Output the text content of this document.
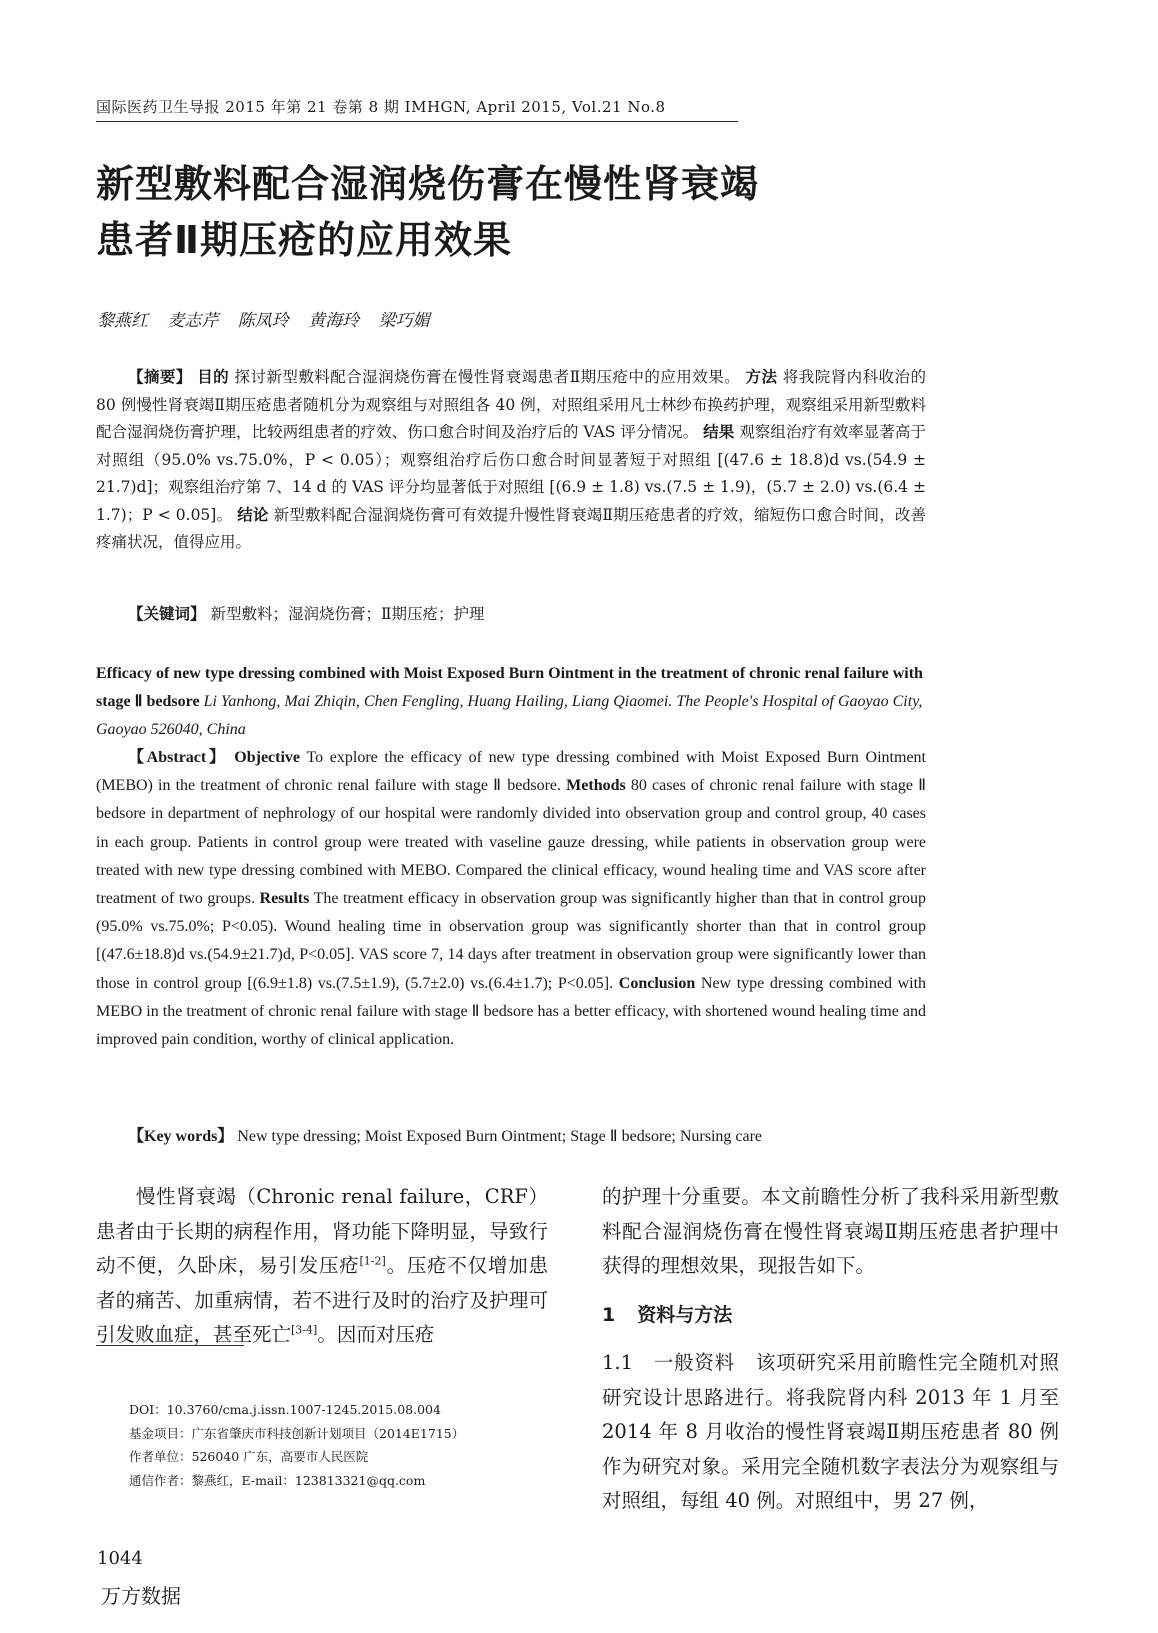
国际医药卫生导报 2015 年第 21 卷第 8 期 IMHGN, April 2015, Vol.21 No.8
新型敷料配合湿润烧伤膏在慢性肾衰竭
患者Ⅱ期压疮的应用效果
黎燕红 麦志芹 陈凤玲 黄海玲 梁巧媚

【摘要】 目的 探讨新型敷料配合湿润烧伤膏在慢性肾衰竭患者Ⅱ期压疮中的应用效果。 方法 将我院肾内科收治的 80 例慢性肾衰竭Ⅱ期压疮患者随机分为观察组与对照组各 40 例，对照组采用凡士林纱布换药护理，观察组采用新型敷料配合湿润烧伤膏护理，比较两组患者的疗效、伤口愈合时间及治疗后的 VAS 评分情况。 结果 观察组治疗有效率显著高于对照组（95.0% vs.75.0%，P < 0.05）；观察组治疗后伤口愈合时间显著短于对照组 [(47.6 ± 18.8)d vs.(54.9 ± 21.7)d]；观察组治疗第 7、14 d 的 VAS 评分均显著低于对照组 [(6.9 ± 1.8) vs.(7.5 ± 1.9)，(5.7 ± 2.0) vs.(6.4 ± 1.7)；P < 0.05]。 结论 新型敷料配合湿润烧伤膏可有效提升慢性肾衰竭Ⅱ期压疮患者的疗效，缩短伤口愈合时间，改善疼痛状况，值得应用。

【关键词】 新型敷料；湿润烧伤膏；Ⅱ期压疮；护理
Efficacy of new type dressing combined with Moist Exposed Burn Ointment in the treatment of chronic renal failure with stage Ⅱ bedsore Li Yanhong, Mai Zhiqin, Chen Fengling, Huang Hailing, Liang Qiaomei. The People's Hospital of Gaoyao City, Gaoyao 526040, China
【Abstract】 Objective To explore the efficacy of new type dressing combined with Moist Exposed Burn Ointment (MEBO) in the treatment of chronic renal failure with stage Ⅱ bedsore. Methods 80 cases of chronic renal failure with stage Ⅱ bedsore in department of nephrology of our hospital were randomly divided into observation group and control group, 40 cases in each group. Patients in control group were treated with vaseline gauze dressing, while patients in observation group were treated with new type dressing combined with MEBO. Compared the clinical efficacy, wound healing time and VAS score after treatment of two groups. Results The treatment efficacy in observation group was significantly higher than that in control group (95.0% vs.75.0%; P<0.05). Wound healing time in observation group was significantly shorter than that in control group [(47.6±18.8)d vs.(54.9±21.7)d, P<0.05]. VAS score 7, 14 days after treatment in observation group were significantly lower than those in control group [(6.9±1.8) vs.(7.5±1.9), (5.7±2.0) vs.(6.4±1.7); P<0.05]. Conclusion New type dressing combined with MEBO in the treatment of chronic renal failure with stage Ⅱ bedsore has a better efficacy, with shortened wound healing time and improved pain condition, worthy of clinical application.
【Key words】 New type dressing; Moist Exposed Burn Ointment; Stage Ⅱ bedsore; Nursing care

慢性肾衰竭（Chronic renal failure，CRF）患者由于长期的病程作用，肾功能下降明显，导致行动不便，久卧床，易引发压疮[1-2]。压疮不仅增加患者的痛苦、加重病情，若不进行及时的治疗及护理可引发败血症，甚至死亡[3-4]。因而对压疮

的护理十分重要。本文前瞻性分析了我科采用新型敷料配合湿润烧伤膏在慢性肾衰竭Ⅱ期压疮患者护理中获得的理想效果，现报告如下。

1 资料与方法

1.1 一般资料 该项研究采用前瞻性完全随机对照研究设计思路进行。将我院肾内科 2013 年 1 月至 2014 年 8 月收治的慢性肾衰竭Ⅱ期压疮患者 80 例作为研究对象。采用完全随机数字表法分为观察组与对照组，每组 40 例。对照组中，男 27 例，

DOI：10.3760/cma.j.issn.1007-1245.2015.08.004
基金项目：广东省肇庆市科技创新计划项目（2014E1715）
作者单位：526040 广东，高要市人民医院
通信作者：黎燕红，E-mail：123813321@qq.com
1044
万方数据
